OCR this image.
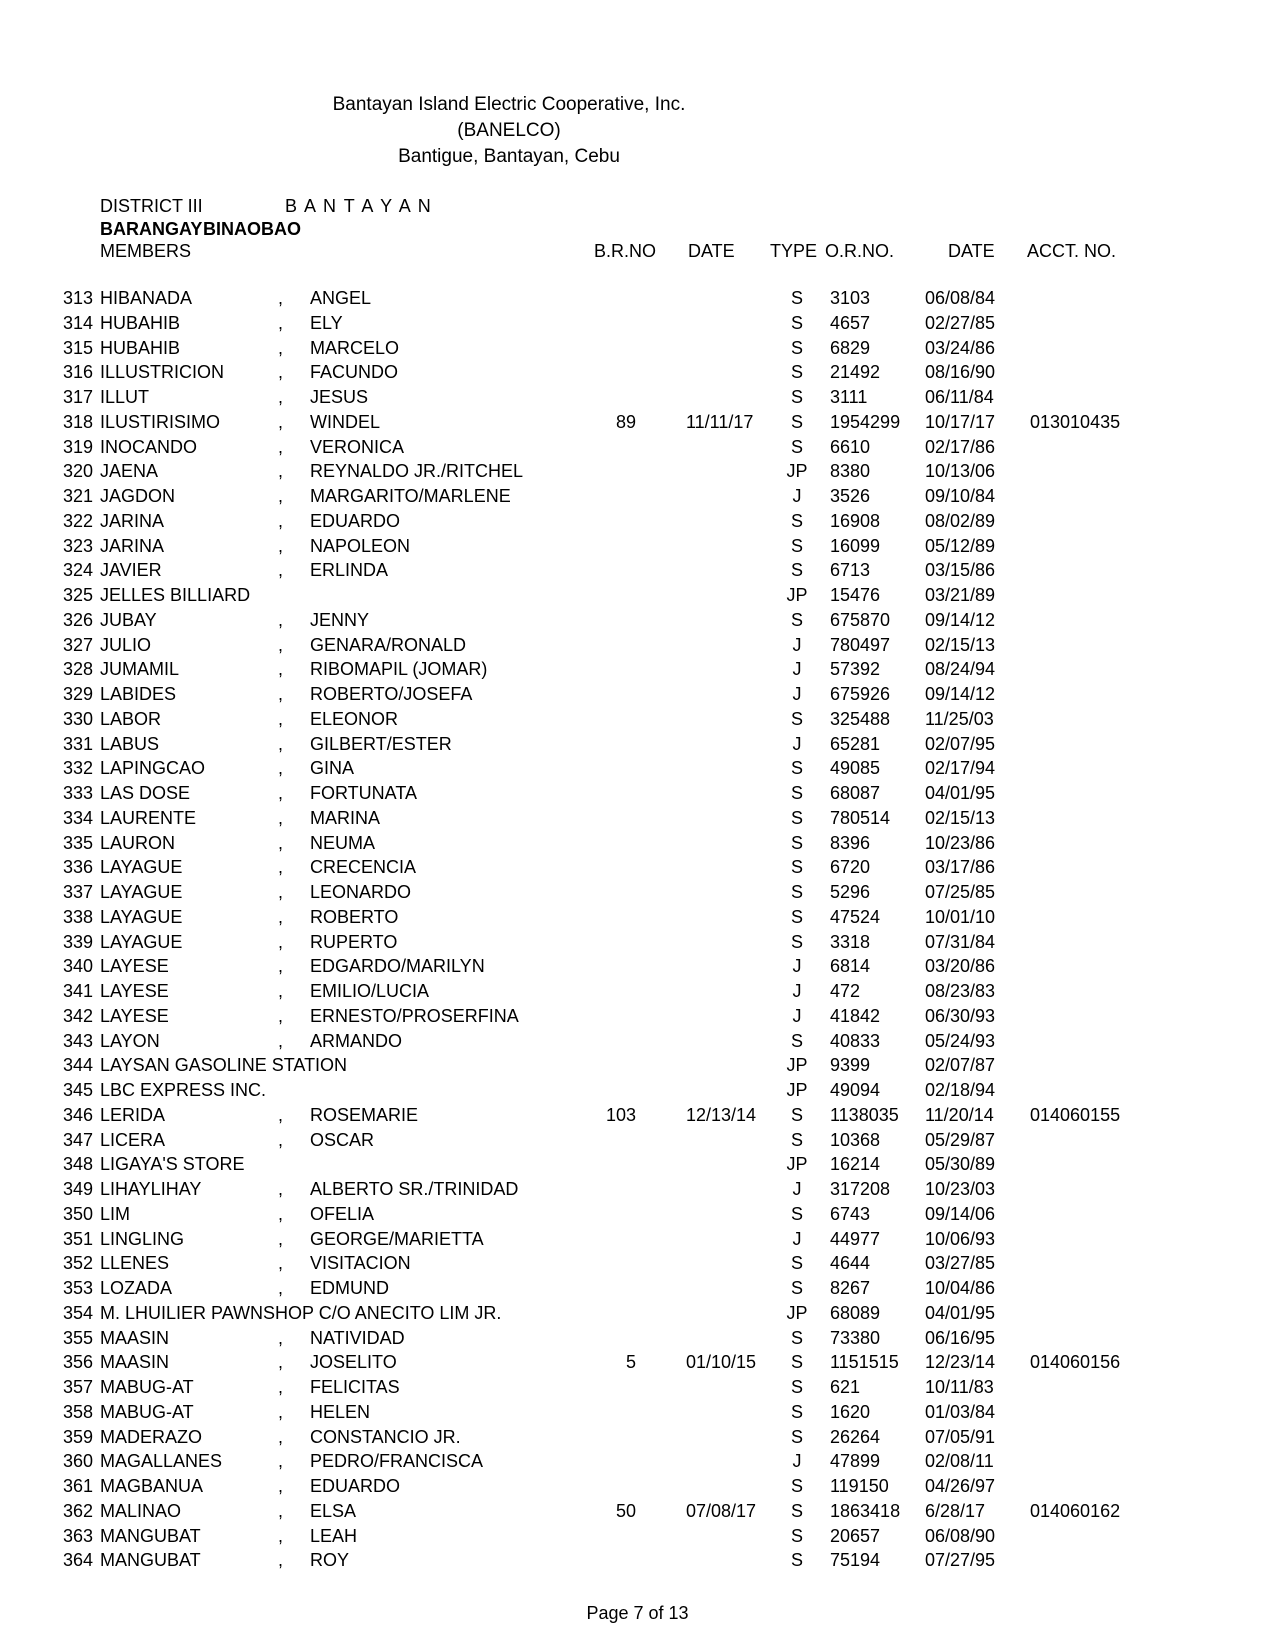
Bantayan Island Electric Cooperative, Inc.
(BANELCO)
Bantigue, Bantayan, Cebu
DISTRICT III	B A N T A Y A N
BARANGAY BINAOBAO
MEMBERS	B.R.NO DATE TYPE O.R.NO.	DATE ACCT. NO.
313 HIBANADA	, ANGEL	S	3103	06/08/84
314 HUBAHIB	, ELY	S	4657	02/27/85
315 HUBAHIB	, MARCELO	S	6829	03/24/86
316 ILLUSTRICION	, FACUNDO	S	21492 08/16/90
317 ILLUT	, JESUS	S	3111	06/11/84
318 ILUSTIRISIMO	, WINDEL	89	11/11/17	S	1954299 10/17/17 013010435
319 INOCANDO	, VERONICA	S	6610	02/17/86
320 JAENA	, REYNALDO JR./RITCHEL	JP	8380	10/13/06
321 JAGDON	, MARGARITO/MARLENE	J	3526	09/10/84
322 JARINA	, EDUARDO	S	16908 08/02/89
323 JARINA	, NAPOLEON	S	16099 05/12/89
324 JAVIER	, ERLINDA	S	6713	03/15/86
325 JELLES BILLIARD	JP	15476 03/21/89
326 JUBAY	, JENNY	S	675870 09/14/12
327 JULIO	, GENARA/RONALD	J	780497 02/15/13
328 JUMAMIL	, RIBOMAPIL (JOMAR)	J	57392 08/24/94
329 LABIDES	, ROBERTO/JOSEFA	J	675926 09/14/12
330 LABOR	, ELEONOR	S	325488 11/25/03
331 LABUS	, GILBERT/ESTER	J	65281 02/07/95
332 LAPINGCAO	, GINA	S	49085 02/17/94
333 LAS DOSE	, FORTUNATA	S	68087 04/01/95
334 LAURENTE	, MARINA	S	780514 02/15/13
335 LAURON	, NEUMA	S	8396	10/23/86
336 LAYAGUE	, CRECENCIA	S	6720	03/17/86
337 LAYAGUE	, LEONARDO	S	5296	07/25/85
338 LAYAGUE	, ROBERTO	S	47524 10/01/10
339 LAYAGUE	, RUPERTO	S	3318	07/31/84
340 LAYESE	, EDGARDO/MARILYN	J	6814	03/20/86
341 LAYESE	, EMILIO/LUCIA	J	472	08/23/83
342 LAYESE	, ERNESTO/PROSERFINA	J	41842 06/30/93
343 LAYON	, ARMANDO	S	40833 05/24/93
344 LAYSAN GASOLINE STATION	JP	9399	02/07/87
345 LBC EXPRESS INC.	JP	49094 02/18/94
346 LERIDA	, ROSEMARIE	103	12/13/14	S	1138035 11/20/14 014060155
347 LICERA	, OSCAR	S	10368 05/29/87
348 LIGAYA'S STORE	JP	16214 05/30/89
349 LIHAYLIHAY	, ALBERTO SR./TRINIDAD	J	317208 10/23/03
350 LIM	, OFELIA	S	6743	09/14/06
351 LINGLING	, GEORGE/MARIETTA	J	44977 10/06/93
352 LLENES	, VISITACION	S	4644	03/27/85
353 LOZADA	, EDMUND	S	8267	10/04/86
354 M. LHUILIER PAWNSHOP C/O ANECITO LIM JR.	JP	68089 04/01/95
355 MAASIN	, NATIVIDAD	S	73380 06/16/95
356 MAASIN	, JOSELITO	5	01/10/15	S	1151515 12/23/14 014060156
357 MABUG-AT	, FELICITAS	S	621	10/11/83
358 MABUG-AT	, HELEN	S	1620	01/03/84
359 MADERAZO	, CONSTANCIO JR.	S	26264 07/05/91
360 MAGALLANES	, PEDRO/FRANCISCA	J	47899 02/08/11
361 MAGBANUA	, EDUARDO	S	119150 04/26/97
362 MALINAO	, ELSA	50	07/08/17	S	1863418 6/28/17 014060162
363 MANGUBAT	, LEAH	S	20657 06/08/90
364 MANGUBAT	, ROY	S	75194 07/27/95
Page 7 of 13
